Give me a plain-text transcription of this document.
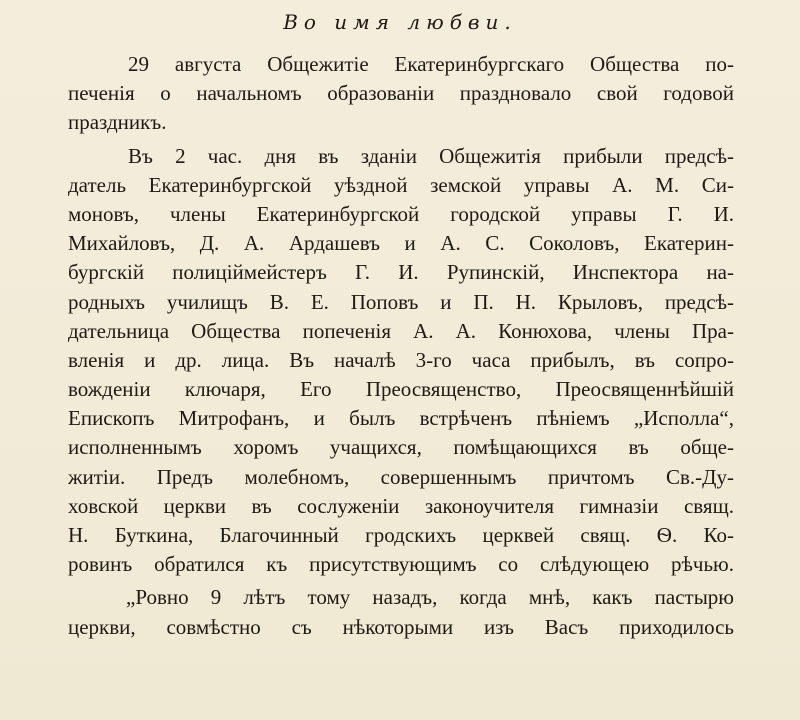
Во имя любви.
29 августа Общежитіе Екатеринбургскаго Общества по-
печенія о начальномъ образованіи праздновало свой годовой
праздникъ.
Въ 2 час. дня въ зданіи Общежитія прибыли предсѣ-
датель Екатеринбургской уѣздной земской управы А. М. Си-
моновъ, члены Екатеринбургской городской управы Г. И.
Михайловъ, Д. А. Ардашевъ и А. С. Соколовъ, Екатерин-
бургскій полицiймейстеръ Г. И. Рупинскій, Инспектора на-
родныхъ училищъ В. Е. Поповъ и П. Н. Крыловъ, предсѣ-
дательница Общества попеченія А. А. Конюхова, члены Пра-
вленія и др. лица. Въ началѣ 3-го часа прибылъ, въ сопро-
вожденіи ключаря, Его Преосвященство, Преосвященнѣйшій
Епископъ Митрофанъ, и былъ встрѣченъ пѣніемъ „Исполла“,
исполненнымъ хоромъ учащихся, помѣщающихся въ обще-
житіи. Предъ молебномъ, совершеннымъ причтомъ Св.-Ду-
ховской церкви въ сослуженіи законоучителя гимназіи свящ.
Н. Буткина, Благочинный гродскихъ церквей свящ. Ѳ. Ко-
ровинъ обратился къ присутствующимъ со слѣдующею рѣчью.
„Ровно 9 лѣтъ тому назадъ, когда мнѣ, какъ пастырю
церкви, совмѣстно съ нѣкоторыми изъ Васъ приходилось
